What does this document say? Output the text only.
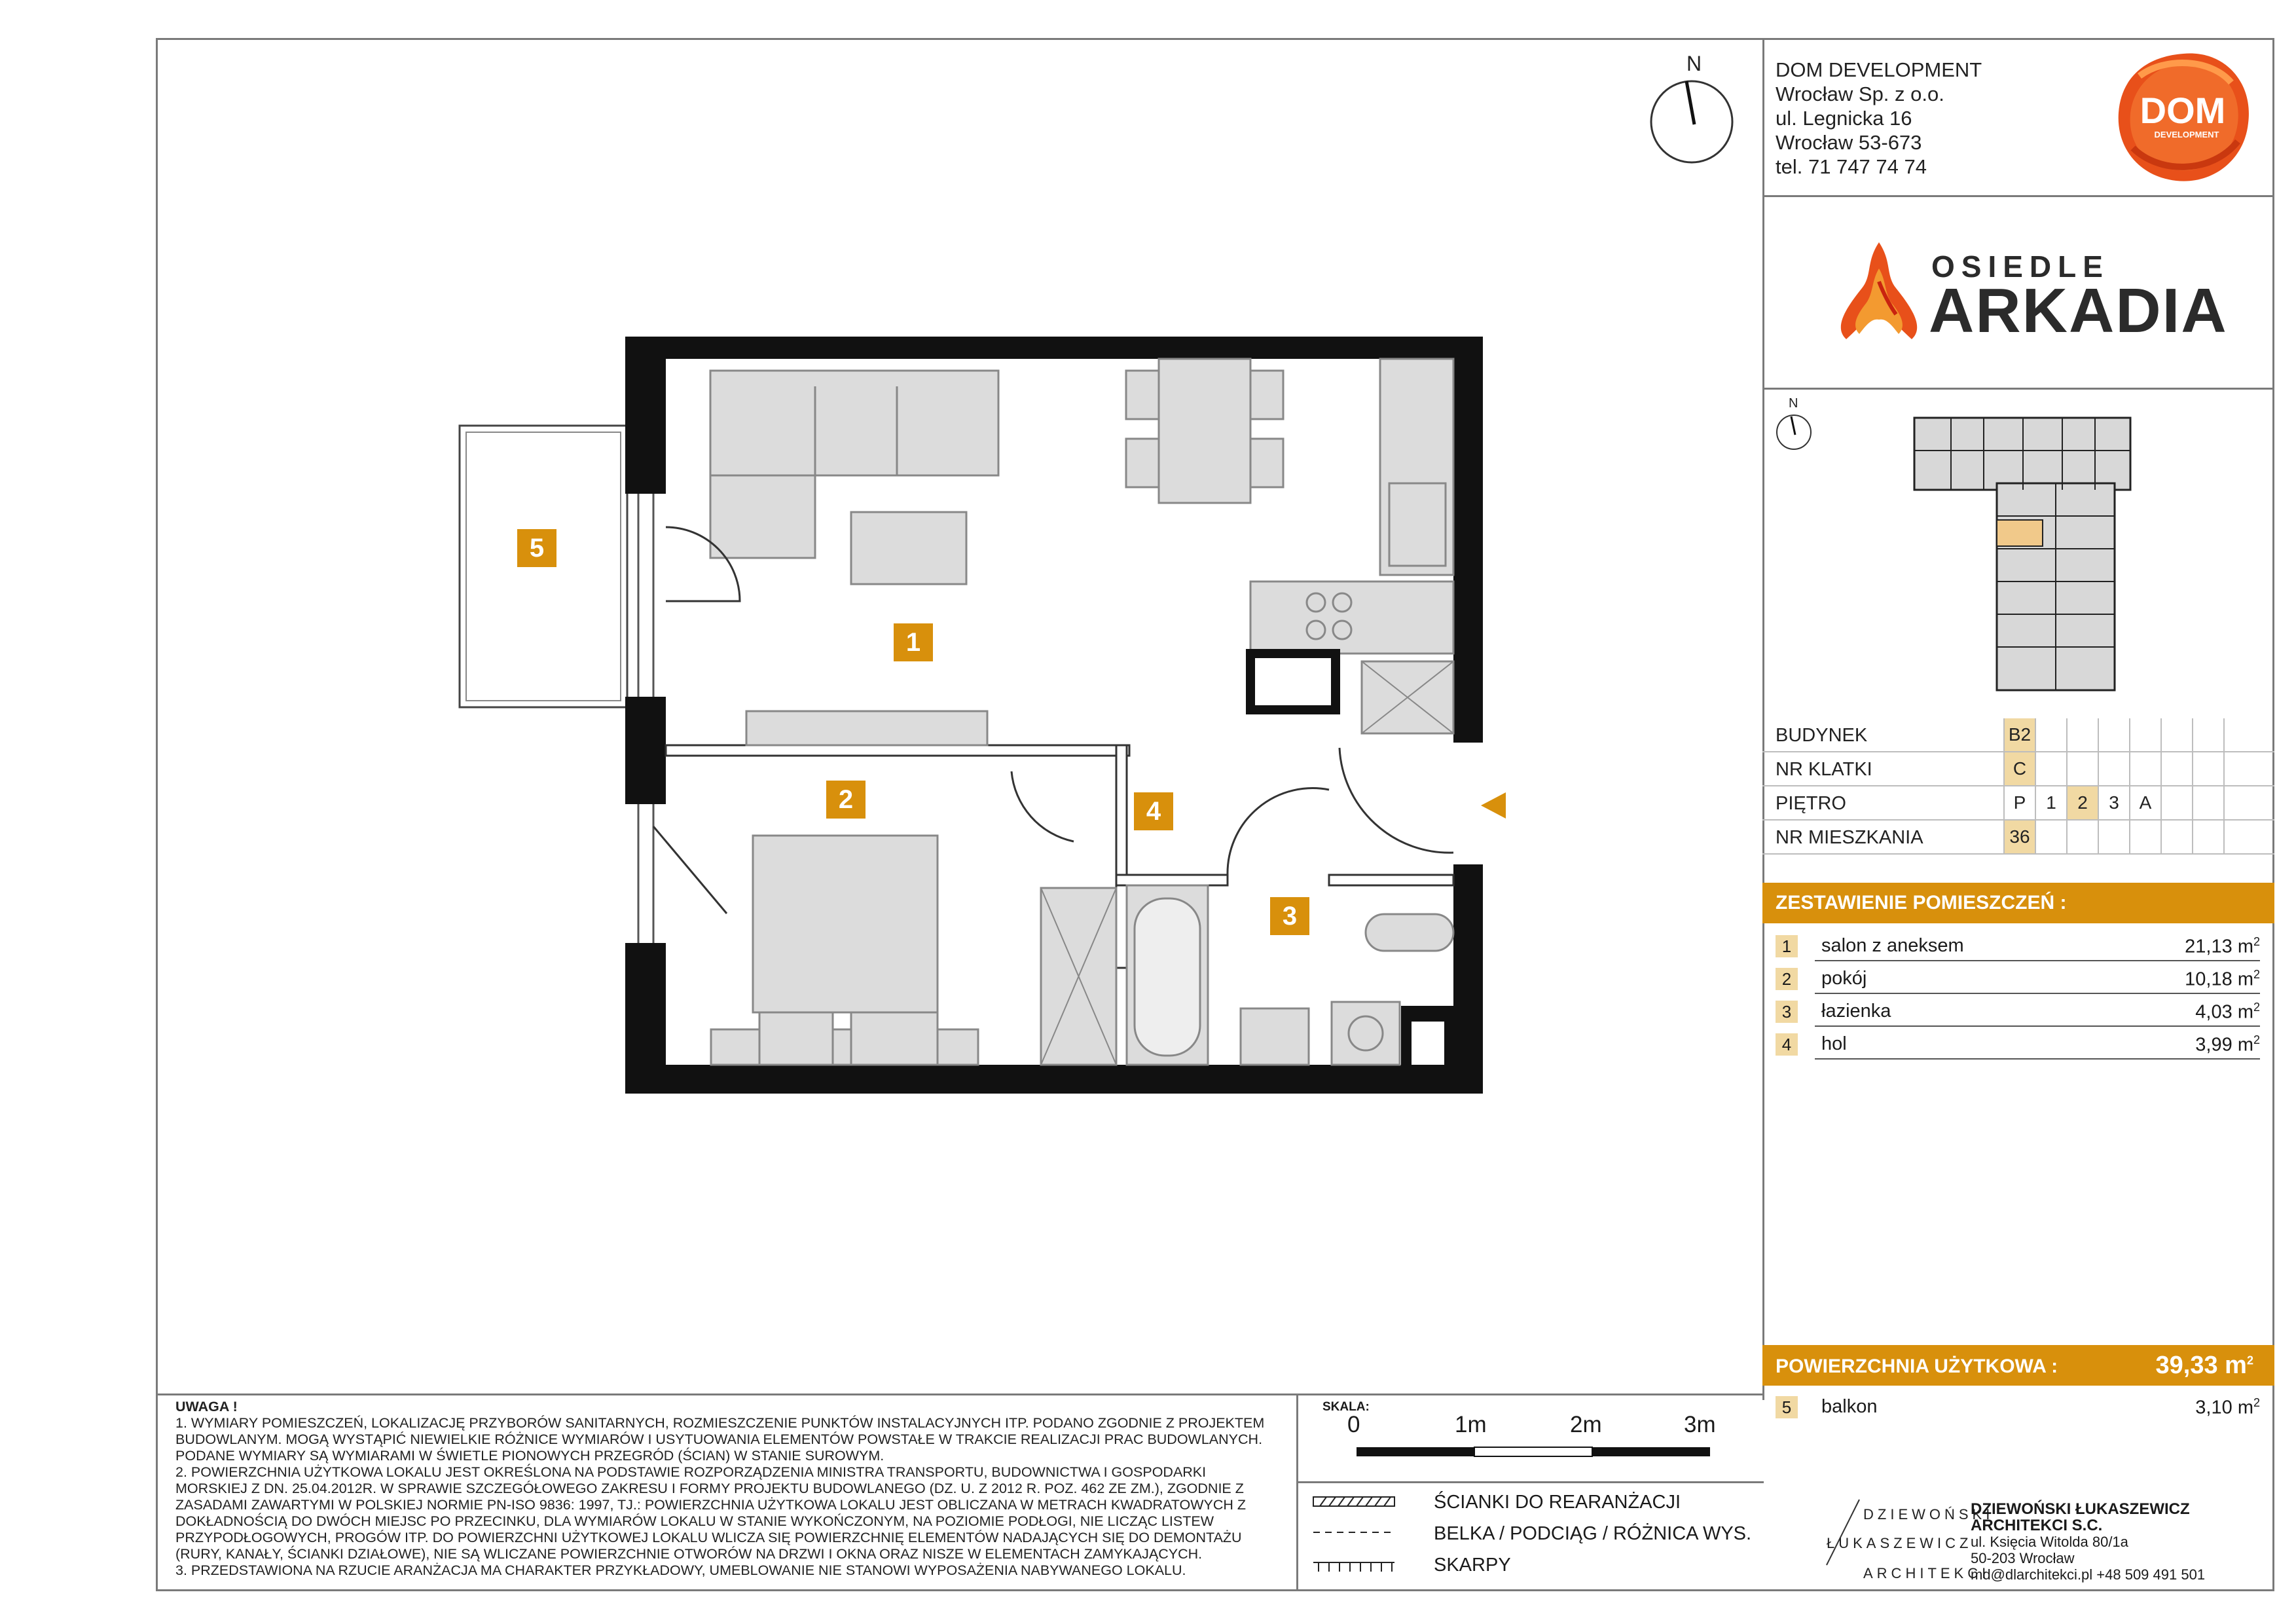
DOM DEVELOPMENT
Wrocław Sp. z o.o.
ul. Legnicka 16
Wrocław 53-673
tel. 71 747 74 74
DOM
DEVELOPMENT
OSIEDLE
ARKADIA
N
N
BUDYNEK	B2
NR KLATKI	C
PIĘTRO	P	1	2	3	A
NR MIESZKANIA	36
ZESTAWIENIE POMIESZCZEŃ :
1	salon z aneksem	21,13 $m^2$
2	pokój	10,18 $m^2$
3	łazienka	4,03 $m^2$
4	hol	3,99 $m^2$
POWIERZCHNIA UŻYTKOWA :	39,33 $m^2$
5	balkon	3,10 $m^2$
5
1
2	4
3
UWAGA !
1. WYMIARY POMIESZCZEŃ, LOKALIZACJĘ PRZYBORÓW SANITARNYCH, ROZMIESZCZENIE PUNKTÓW INSTALACYJNYCH ITP. PODANO ZGODNIE Z PROJEKTEM
BUDOWLANYM. MOGĄ WYSTĄPIĆ NIEWIELKIE RÓŻNICE WYMIARÓW I USYTUOWANIA ELEMENTÓW POWSTAŁE W TRAKCIE REALIZACJI PRAC BUDOWLANYCH.
PODANE WYMIARY SĄ WYMIARAMI W ŚWIETLE PIONOWYCH PRZEGRÓD (ŚCIAN) W STANIE SUROWYM.
2. POWIERZCHNIA UŻYTKOWA LOKALU JEST OKREŚLONA NA PODSTAWIE ROZPORZĄDZENIA MINISTRA TRANSPORTU, BUDOWNICTWA I GOSPODARKI
MORSKIEJ Z DN. 25.04.2012R. W SPRAWIE SZCZEGÓŁOWEGO ZAKRESU I FORMY PROJEKTU BUDOWLANEGO (DZ. U. Z 2012 R. POZ. 462 ZE ZM.), ZGODNIE Z
ZASADAMI ZAWARTYMI W POLSKIEJ NORMIE PN-ISO 9836: 1997, TJ.: POWIERZCHNIA UŻYTKOWA LOKALU JEST OBLICZANA W METRACH KWADRATOWYCH Z
DOKŁADNOŚCIĄ DO DWÓCH MIEJSC PO PRZECINKU, DLA WYMIARÓW LOKALU W STANIE WYKOŃCZONYM, NA POZIOMIE PODŁOGI, NIE LICZĄC LISTEW
PRZYPODŁOGOWYCH, PROGÓW ITP. DO POWIERZCHNI UŻYTKOWEJ LOKALU WLICZA SIĘ POWIERZCHNIĘ ELEMENTÓW NADAJĄCYCH SIĘ DO DEMONTAŻU
(RURY, KANAŁY, ŚCIANKI DZIAŁOWE), NIE SĄ WLICZANE POWIERZCHNIE OTWORÓW NA DRZWI I OKNA ORAZ NISZE W ELEMENTACH ZAMYKAJĄCYCH.
3. PRZEDSTAWIONA NA RZUCIE ARANŻACJA MA CHARAKTER PRZYKŁADOWY, UMEBLOWANIE NIE STANOWI WYPOSAŻENIA NABYWANEGO LOKALU.
SKALA:
0	1m	2m	3m
ŚCIANKI DO REARANŻACJI
BELKA / PODCIĄG / RÓŻNICA WYS.
SKARPY
DZIEWOŃSKI
ŁUKASZEWICZ
ARCHITEKCI
DZIEWOŃSKI ŁUKASZEWICZ
ARCHITEKCI S.C.
ul. Księcia Witolda 80/1a
50-203 Wrocław
md@dlarchitekci.pl +48 509 491 501
